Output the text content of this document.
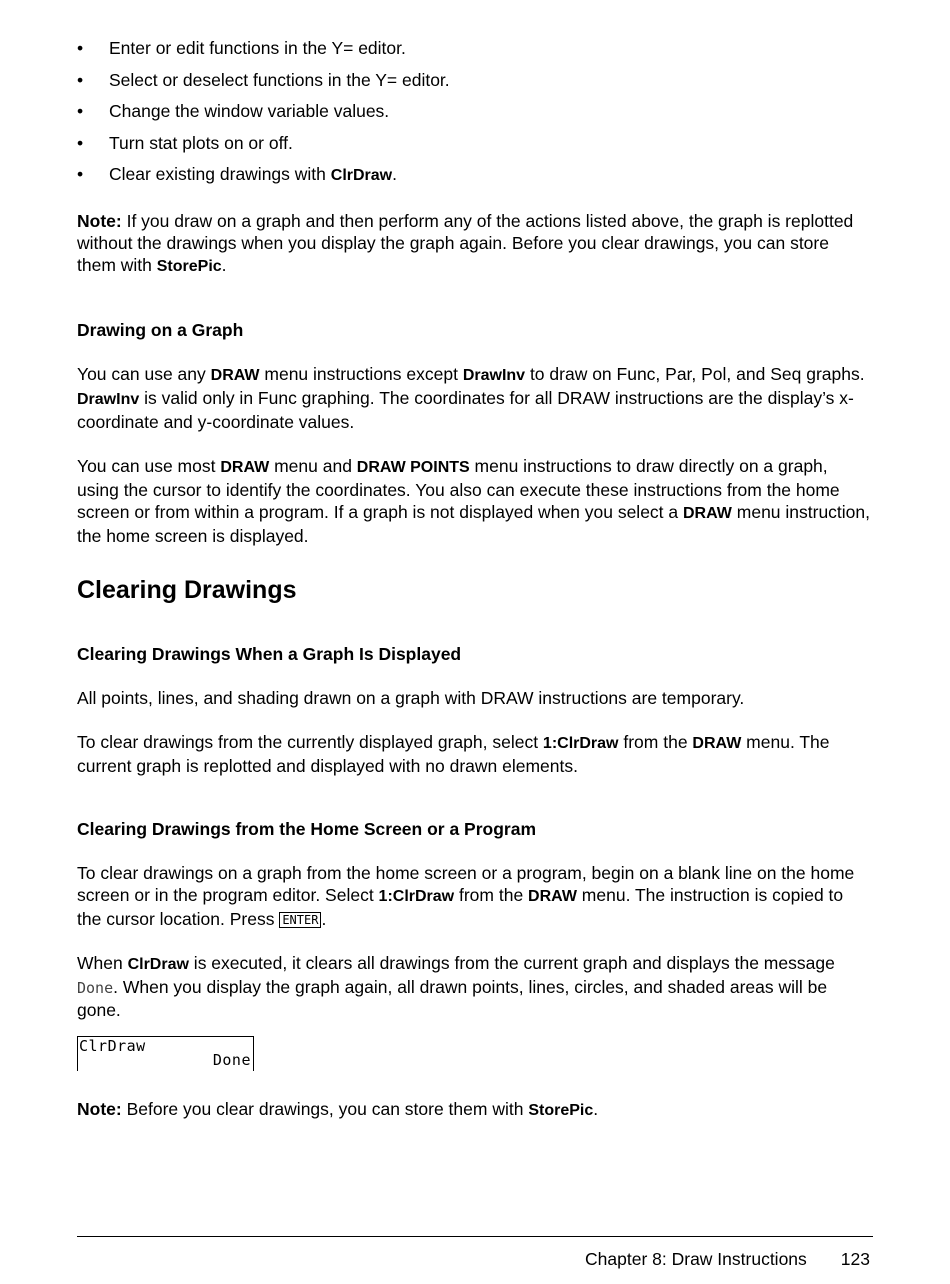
• Enter or edit functions in the Y= editor.
• Select or deselect functions in the Y= editor.
• Change the window variable values.
• Turn stat plots on or off.
• Clear existing drawings with ClrDraw.

Note: If you draw on a graph and then perform any of the actions listed above, the graph is replotted without the drawings when you display the graph again. Before you clear drawings, you can store them with StorePic.

Drawing on a Graph

You can use any DRAW menu instructions except DrawInv to draw on Func, Par, Pol, and Seq graphs. DrawInv is valid only in Func graphing. The coordinates for all DRAW instructions are the display’s x-coordinate and y-coordinate values.

You can use most DRAW menu and DRAW POINTS menu instructions to draw directly on a graph, using the cursor to identify the coordinates. You also can execute these instructions from the home screen or from within a program. If a graph is not displayed when you select a DRAW menu instruction, the home screen is displayed.

Clearing Drawings
Clearing Drawings When a Graph Is Displayed

All points, lines, and shading drawn on a graph with DRAW instructions are temporary.

To clear drawings from the currently displayed graph, select 1:ClrDraw from the DRAW menu. The current graph is replotted and displayed with no drawn elements.

Clearing Drawings from the Home Screen or a Program

To clear drawings on a graph from the home screen or a program, begin on a blank line on the home screen or in the program editor. Select 1:ClrDraw from the DRAW menu. The instruction is copied to the cursor location. Press ENTER .

When ClrDraw is executed, it clears all drawings from the current graph and displays the message Done. When you display the graph again, all drawn points, lines, circles, and shaded areas will be gone.

ClrDraw
Done

Note: Before you clear drawings, you can store them with StorePic.

Chapter 8: Draw Instructions 123
